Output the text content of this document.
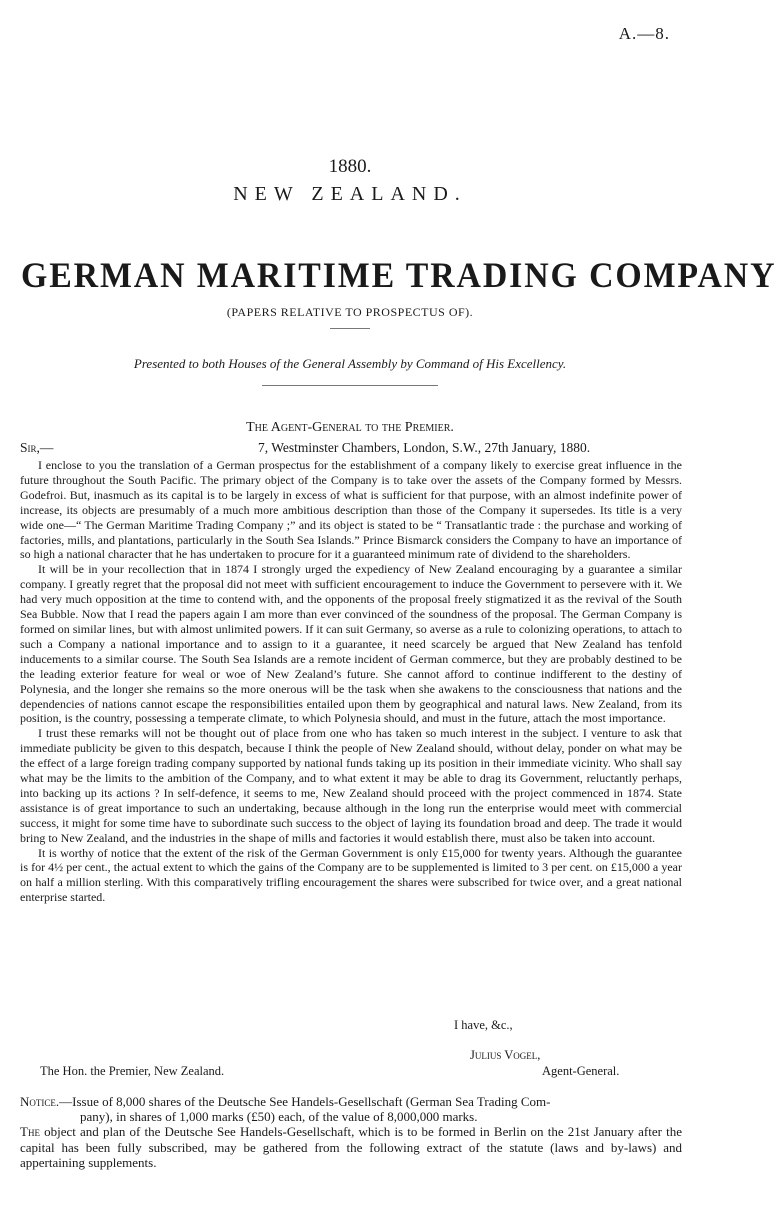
A.—8.
1880.
NEW ZEALAND.
GERMAN MARITIME TRADING COMPANY
(PAPERS RELATIVE TO PROSPECTUS OF).
Presented to both Houses of the General Assembly by Command of His Excellency.
The Agent-General to the Premier.
Sir,—	7, Westminster Chambers, London, S.W., 27th January, 1880.

I enclose to you the translation of a German prospectus for the establishment of a company likely to exercise great influence in the future throughout the South Pacific. The primary object of the Company is to take over the assets of the Company formed by Messrs. Godefroi. But, inasmuch as its capital is to be largely in excess of what is sufficient for that purpose, with an almost indefinite power of increase, its objects are presumably of a much more ambitious description than those of the Company it supersedes. Its title is a very wide one—“ The German Maritime Trading Company ;” and its object is stated to be “ Transatlantic trade : the purchase and working of factories, mills, and plantations, particularly in the South Sea Islands.” Prince Bismarck considers the Company to have an importance of so high a national character that he has undertaken to procure for it a guaranteed minimum rate of dividend to the shareholders.

It will be in your recollection that in 1874 I strongly urged the expediency of New Zealand encouraging by a guarantee a similar company. I greatly regret that the proposal did not meet with sufficient encouragement to induce the Government to persevere with it. We had very much opposition at the time to contend with, and the opponents of the proposal freely stigmatized it as the revival of the South Sea Bubble. Now that I read the papers again I am more than ever convinced of the soundness of the proposal. The German Company is formed on similar lines, but with almost unlimited powers. If it can suit Germany, so averse as a rule to colonizing operations, to attach to such a Company a national importance and to assign to it a guarantee, it need scarcely be argued that New Zealand has tenfold inducements to a similar course. The South Sea Islands are a remote incident of German commerce, but they are probably destined to be the leading exterior feature for weal or woe of New Zealand’s future. She cannot afford to continue indifferent to the destiny of Polynesia, and the longer she remains so the more onerous will be the task when she awakens to the consciousness that nations and the dependencies of nations cannot escape the responsibilities entailed upon them by geographical and natural laws. New Zealand, from its position, is the country, possessing a temperate climate, to which Polynesia should, and must in the future, attach the most importance.

I trust these remarks will not be thought out of place from one who has taken so much interest in the subject. I venture to ask that immediate publicity be given to this despatch, because I think the people of New Zealand should, without delay, ponder on what may be the effect of a large foreign trading company supported by national funds taking up its position in their immediate vicinity. Who shall say what may be the limits to the ambition of the Company, and to what extent it may be able to drag its Government, reluctantly perhaps, into backing up its actions ? In self-defence, it seems to me, New Zealand should proceed with the project commenced in 1874. State assistance is of great importance to such an undertaking, because although in the long run the enterprise would meet with commercial success, it might for some time have to subordinate such success to the object of laying its foundation broad and deep. The trade it would bring to New Zealand, and the industries in the shape of mills and factories it would establish there, must also be taken into account.

It is worthy of notice that the extent of the risk of the German Government is only £15,000 for twenty years. Although the guarantee is for 4½ per cent., the actual extent to which the gains of the Company are to be supplemented is limited to 3 per cent. on £15,000 a year on half a million sterling. With this comparatively trifling encouragement the shares were subscribed for twice over, and a great national enterprise started.

I have, &c.,
Julius Vogel,
The Hon. the Premier, New Zealand.	Agent-General.

Notice.—Issue of 8,000 shares of the Deutsche See Handels-Gesellschaft (German Sea Trading Com-

pany), in shares of 1,000 marks (£50) each, of the value of 8,000,000 marks.

The object and plan of the Deutsche See Handels-Gesellschaft, which is to be formed in Berlin on the 21st January after the capital has been fully subscribed, may be gathered from the following extract of the statute (laws and by-laws) and appertaining supplements.
